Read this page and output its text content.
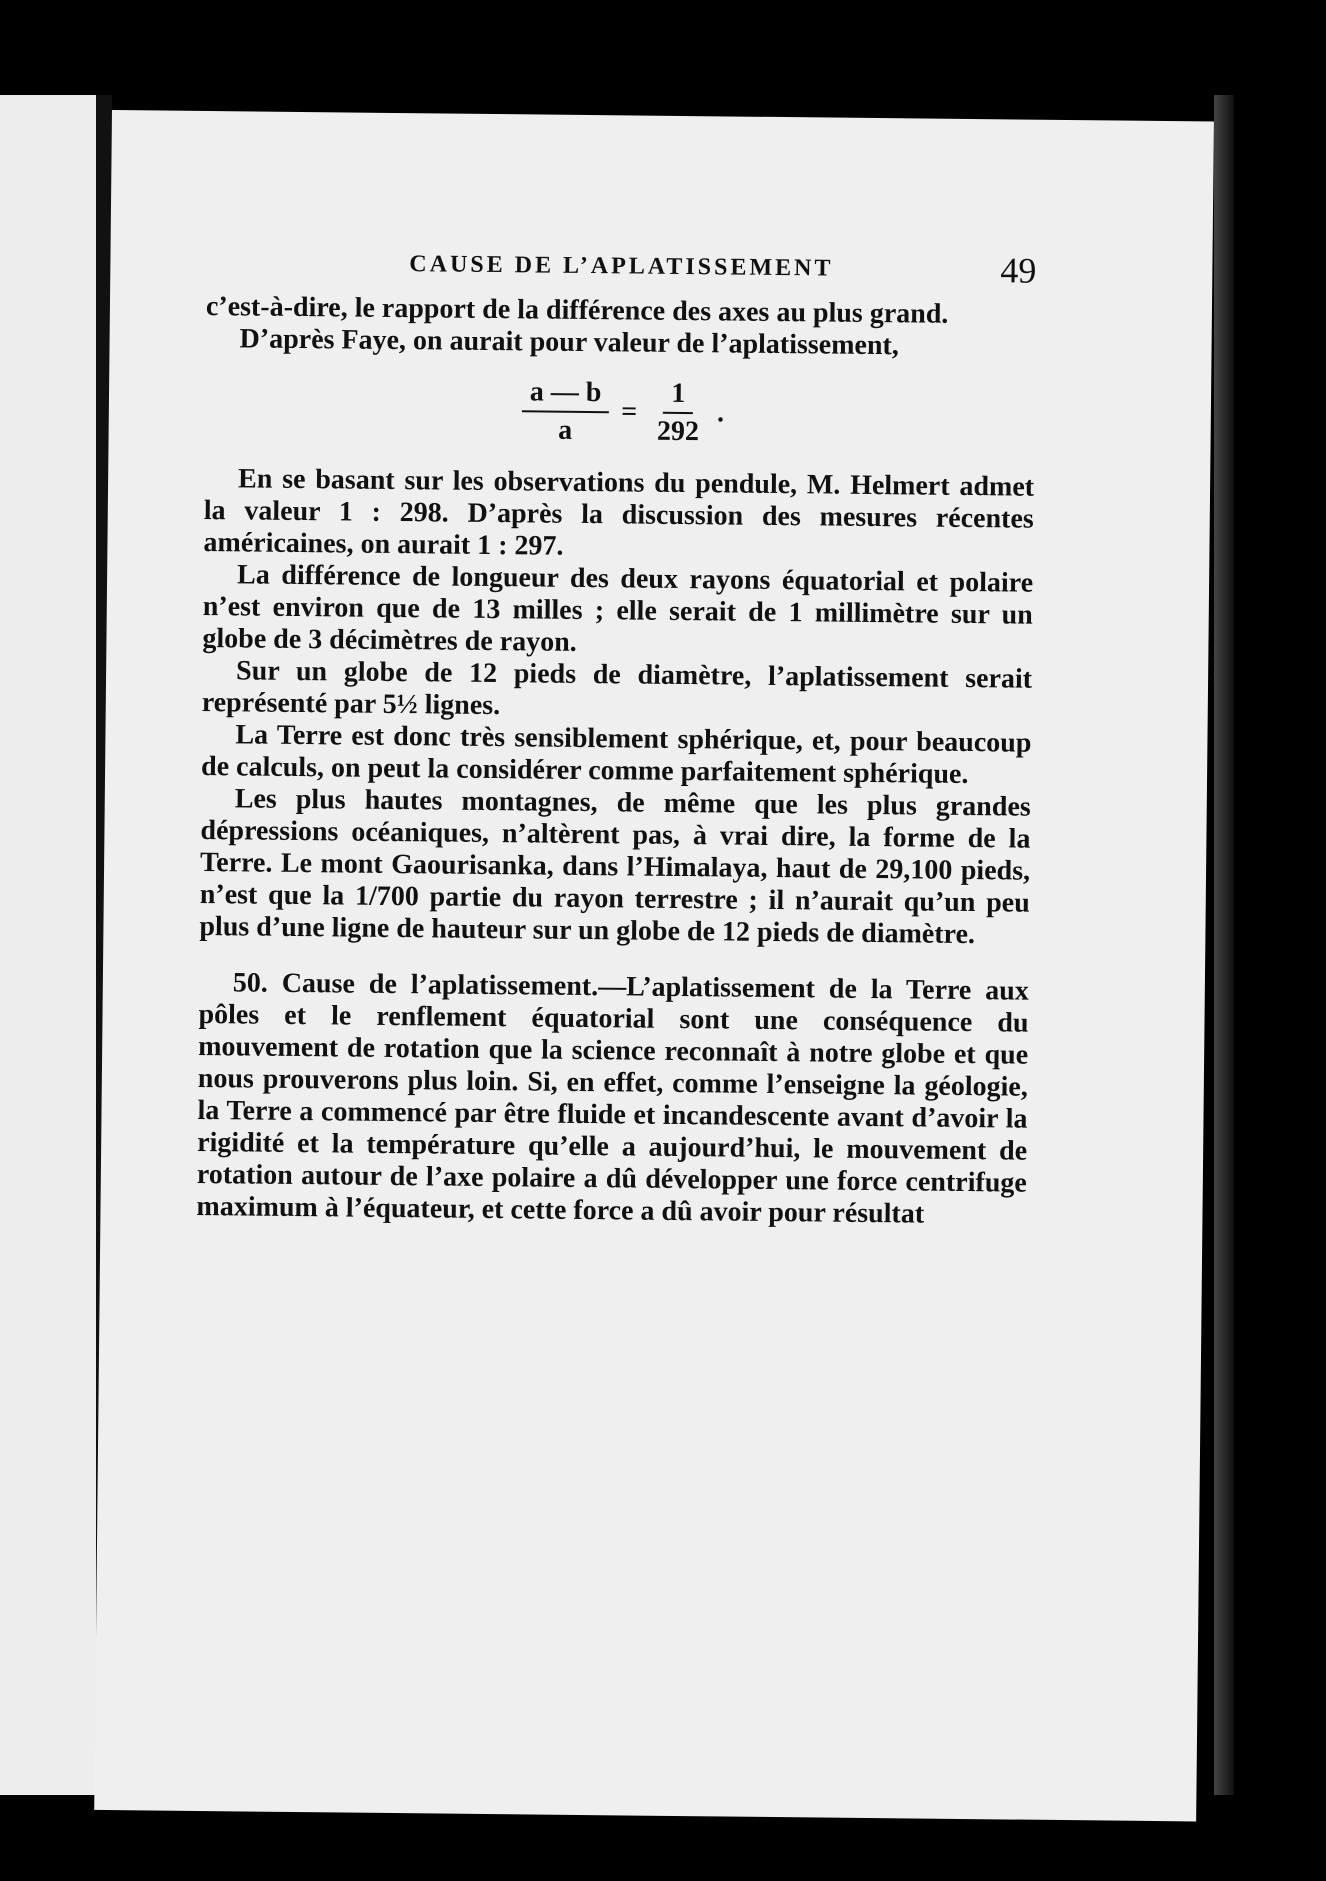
CAUSE DE L’APLATISSEMENT	49

c’est-à-dire, le rapport de la différence des axes au plus grand.

D’après Faye, on aurait pour valeur de l’aplatissement,

$\frac{a — b}{a} = \frac{1}{292}$ .

En se basant sur les observations du pendule, M. Helmert admet la valeur 1 : 298. D’après la discussion des mesures récentes américaines, on aurait 1 : 297.

La différence de longueur des deux rayons équatorial et polaire n’est environ que de 13 milles ; elle serait de 1 millimètre sur un globe de 3 décimètres de rayon.

Sur un globe de 12 pieds de diamètre, l’aplatissement serait représenté par 5½ lignes.

La Terre est donc très sensiblement sphérique, et, pour beaucoup de calculs, on peut la considérer comme parfaitement sphérique.

Les plus hautes montagnes, de même que les plus grandes dépressions océaniques, n’altèrent pas, à vrai dire, la forme de la Terre. Le mont Gaourisanka, dans l’Himalaya, haut de 29,100 pieds, n’est que la 1/700 partie du rayon terrestre ; il n’aurait qu’un peu plus d’une ligne de hauteur sur un globe de 12 pieds de diamètre.

50. Cause de l’aplatissement.—L’aplatissement de la Terre aux pôles et le renflement équatorial sont une conséquence du mouvement de rotation que la science reconnaît à notre globe et que nous prouverons plus loin. Si, en effet, comme l’enseigne la géologie, la Terre a commencé par être fluide et incandescente avant d’avoir la rigidité et la température qu’elle a aujourd’hui, le mouvement de rotation autour de l’axe polaire a dû développer une force centrifuge maximum à l’équateur, et cette force a dû avoir pour résultat
